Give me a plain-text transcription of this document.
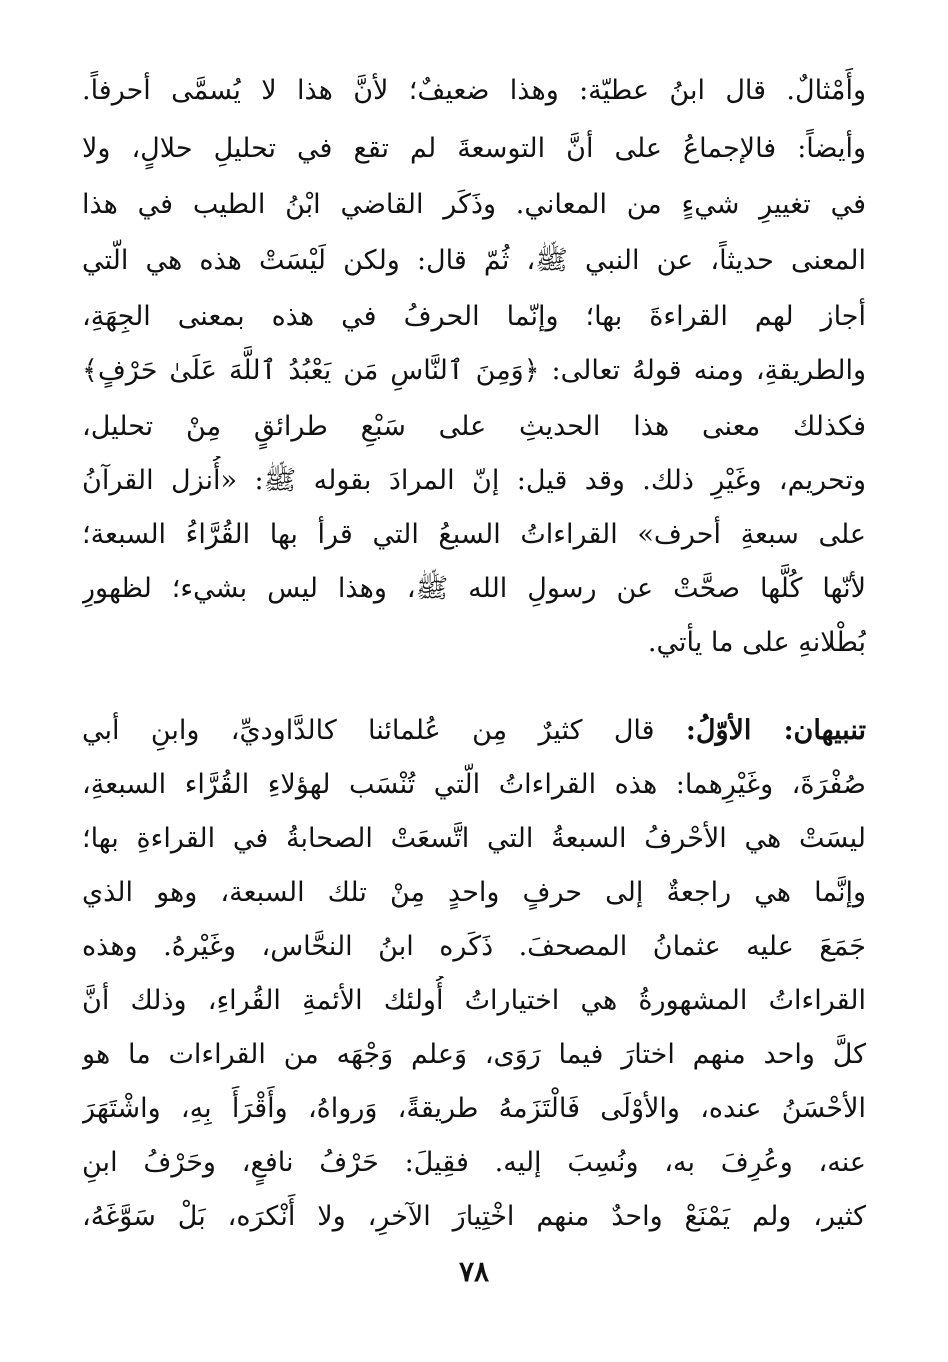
وأَمْثالٌ. قال ابنُ عطيّة: وهذا ضعيفٌ؛ لأنَّ هذا لا يُسمَّى أحرفاً.
وأيضاً: فالإجماعُ على أنَّ التوسعةَ لم تقع في تحليلِ حلالٍ، ولا
في تغييرِ شيءٍ من المعاني. وذَكَر القاضي ابْنُ الطيب في هذا
المعنى حديثاً، عن النبي ﷺ، ثُمّ قال: ولكن لَيْسَتْ هذه هي الّتي
أجاز لهم القراءةَ بها؛ وإنّما الحرفُ في هذه بمعنى الجِهَةِ،
والطريقةِ، ومنه قولهُ تعالى: ﴿وَمِنَ ٱلنَّاسِ مَن يَعْبُدُ ٱللَّهَ عَلَىٰ حَرْفٍ﴾
فكذلك معنى هذا الحديثِ على سَبْعِ طرائقٍ مِنْ تحليل،
وتحريم، وغَيْرِ ذلك. وقد قيل: إنّ المرادَ بقوله ﷺ: «أُنزل القرآنُ
على سبعةِ أحرف» القراءاتُ السبعُ التي قرأ بها القُرَّاءُ السبعة؛
لأنّها كُلَّها صحَّتْ عن رسولِ الله ﷺ، وهذا ليس بشيء؛ لظهورِ
بُطْلانهِ على ما يأتي.
تنبيهان: الأوّلُ: قال كثيرٌ مِن عُلمائنا كالدَّاوديِّ، وابنِ أبي
صُفْرَةَ، وغَيْرِهما: هذه القراءاتُ الّتي تُنْسَب لهؤلاءِ القُرَّاء السبعةِ،
ليسَتْ هي الأحْرفُ السبعةُ التي اتَّسعَتْ الصحابةُ في القراءةِ بها؛
وإنَّما هي راجعةٌ إلى حرفٍ واحدٍ مِنْ تلك السبعة، وهو الذي
جَمَعَ عليه عثمانُ المصحفَ. ذَكَره ابنُ النحَّاس، وغَيْرهُ. وهذه
القراءاتُ المشهورةُ هي اختياراتُ أُولئك الأئمةِ القُراءِ، وذلك أنَّ
كلَّ واحد منهم اختارَ فيما رَوَى، وَعلم وَجْهَه من القراءات ما هو
الأحْسَنُ عنده، والأوْلَى فَالْتَزَمهُ طريقةً، وَرواهُ، وأَقْرَأَ بِهِ، واشْتَهَرَ
عنه، وعُرِفَ به، ونُسِبَ إليه. فقِيلَ: حَرْفُ نافعٍ، وحَرْفُ ابنِ
كثير، ولم يَمْنَعْ واحدٌ منهم اخْتِيارَ الآخرِ، ولا أَنْكرَه، بَلْ سَوَّغَهُ،
٧٨
